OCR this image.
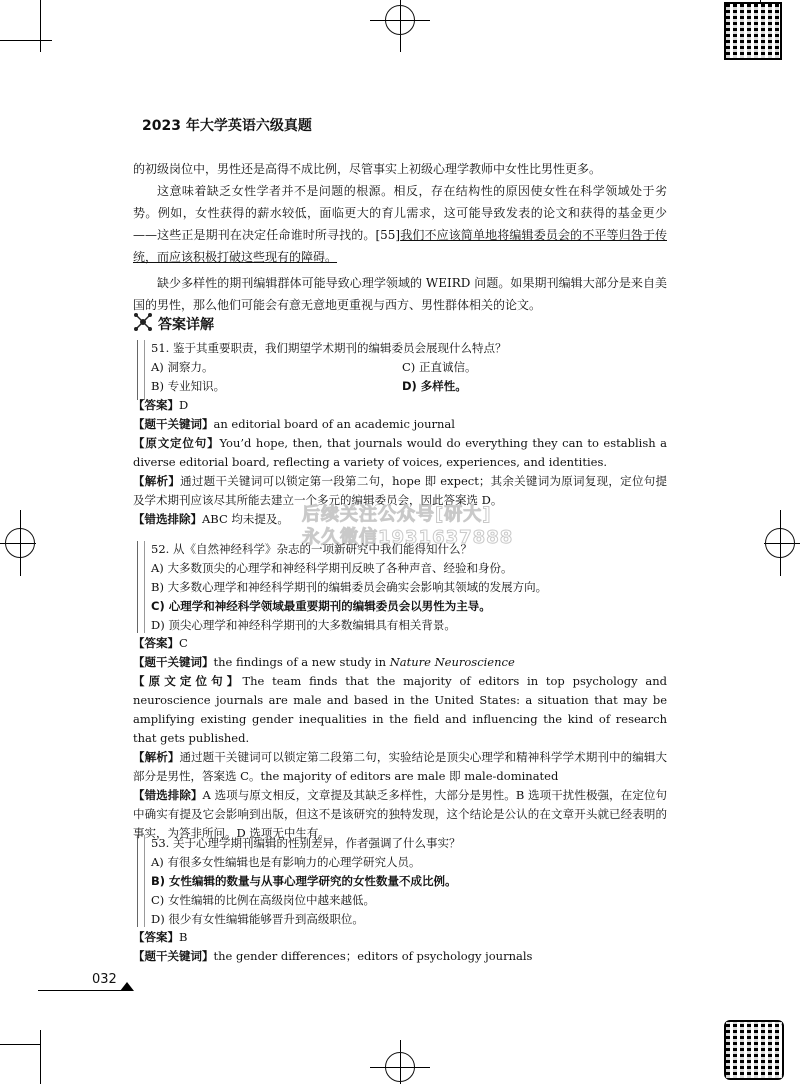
2023 年大学英语六级真题
的初级岗位中，男性还是高得不成比例，尽管事实上初级心理学教师中女性比男性更多。
这意味着缺乏女性学者并不是问题的根源。相反，存在结构性的原因使女性在科学领域处于劣势。例如，女性获得的薪水较低，面临更大的育儿需求，这可能导致发表的论文和获得的基金更少——这些正是期刊在决定任命谁时所寻找的。[55]我们不应该简单地将编辑委员会的不平等归咎于传统，而应该积极打破这些现有的障碍。
缺少多样性的期刊编辑群体可能导致心理学领域的 WEIRD 问题。如果期刊编辑大部分是来自美国的男性，那么他们可能会有意无意地更重视与西方、男性群体相关的论文。
答案详解
51. 鉴于其重要职责，我们期望学术期刊的编辑委员会展现什么特点？
A) 洞察力。	C) 正直诚信。
B) 专业知识。	D) 多样性。
【答案】D
【题干关键词】an editorial board of an academic journal
【原文定位句】You’d hope, then, that journals would do everything they can to establish a diverse editorial board, reflecting a variety of voices, experiences, and identities.
【解析】通过题干关键词可以锁定第一段第二句，hope 即 expect；其余关键词为原词复现，定位句提及学术期刊应该尽其所能去建立一个多元的编辑委员会，因此答案选 D。
【错选排除】ABC 均未提及。 后续关注公众号[研大]
永久微信1931637888
52. 从《自然神经科学》杂志的一项新研究中我们能得知什么？
A) 大多数顶尖的心理学和神经科学期刊反映了各种声音、经验和身份。
B) 大多数心理学和神经科学期刊的编辑委员会确实会影响其领域的发展方向。
C) 心理学和神经科学领域最重要期刊的编辑委员会以男性为主导。
D) 顶尖心理学和神经科学期刊的大多数编辑具有相关背景。
【答案】C
【题干关键词】the findings of a new study in Nature Neuroscience
【原文定位句】The team finds that the majority of editors in top psychology and neuroscience journals are male and based in the United States: a situation that may be amplifying existing gender inequalities in the field and influencing the kind of research that gets published.
【解析】通过题干关键词可以锁定第二段第二句，实验结论是顶尖心理学和精神科学学术期刊中的编辑大部分是男性，答案选 C。the majority of editors are male 即 male-dominated
【错选排除】A 选项与原文相反，文章提及其缺乏多样性，大部分是男性。B 选项干扰性极强，在定位句中确实有提及它会影响到出版，但这不是该研究的独特发现，这个结论是公认的在文章开头就已经表明的事实，为答非所问。D 选项无中生有。
53. 关于心理学期刊编辑的性别差异，作者强调了什么事实？
A) 有很多女性编辑也是有影响力的心理学研究人员。
B) 女性编辑的数量与从事心理学研究的女性数量不成比例。
C) 女性编辑的比例在高级岗位中越来越低。
D) 很少有女性编辑能够晋升到高级职位。
【答案】B
【题干关键词】the gender differences；editors of psychology journals
032
